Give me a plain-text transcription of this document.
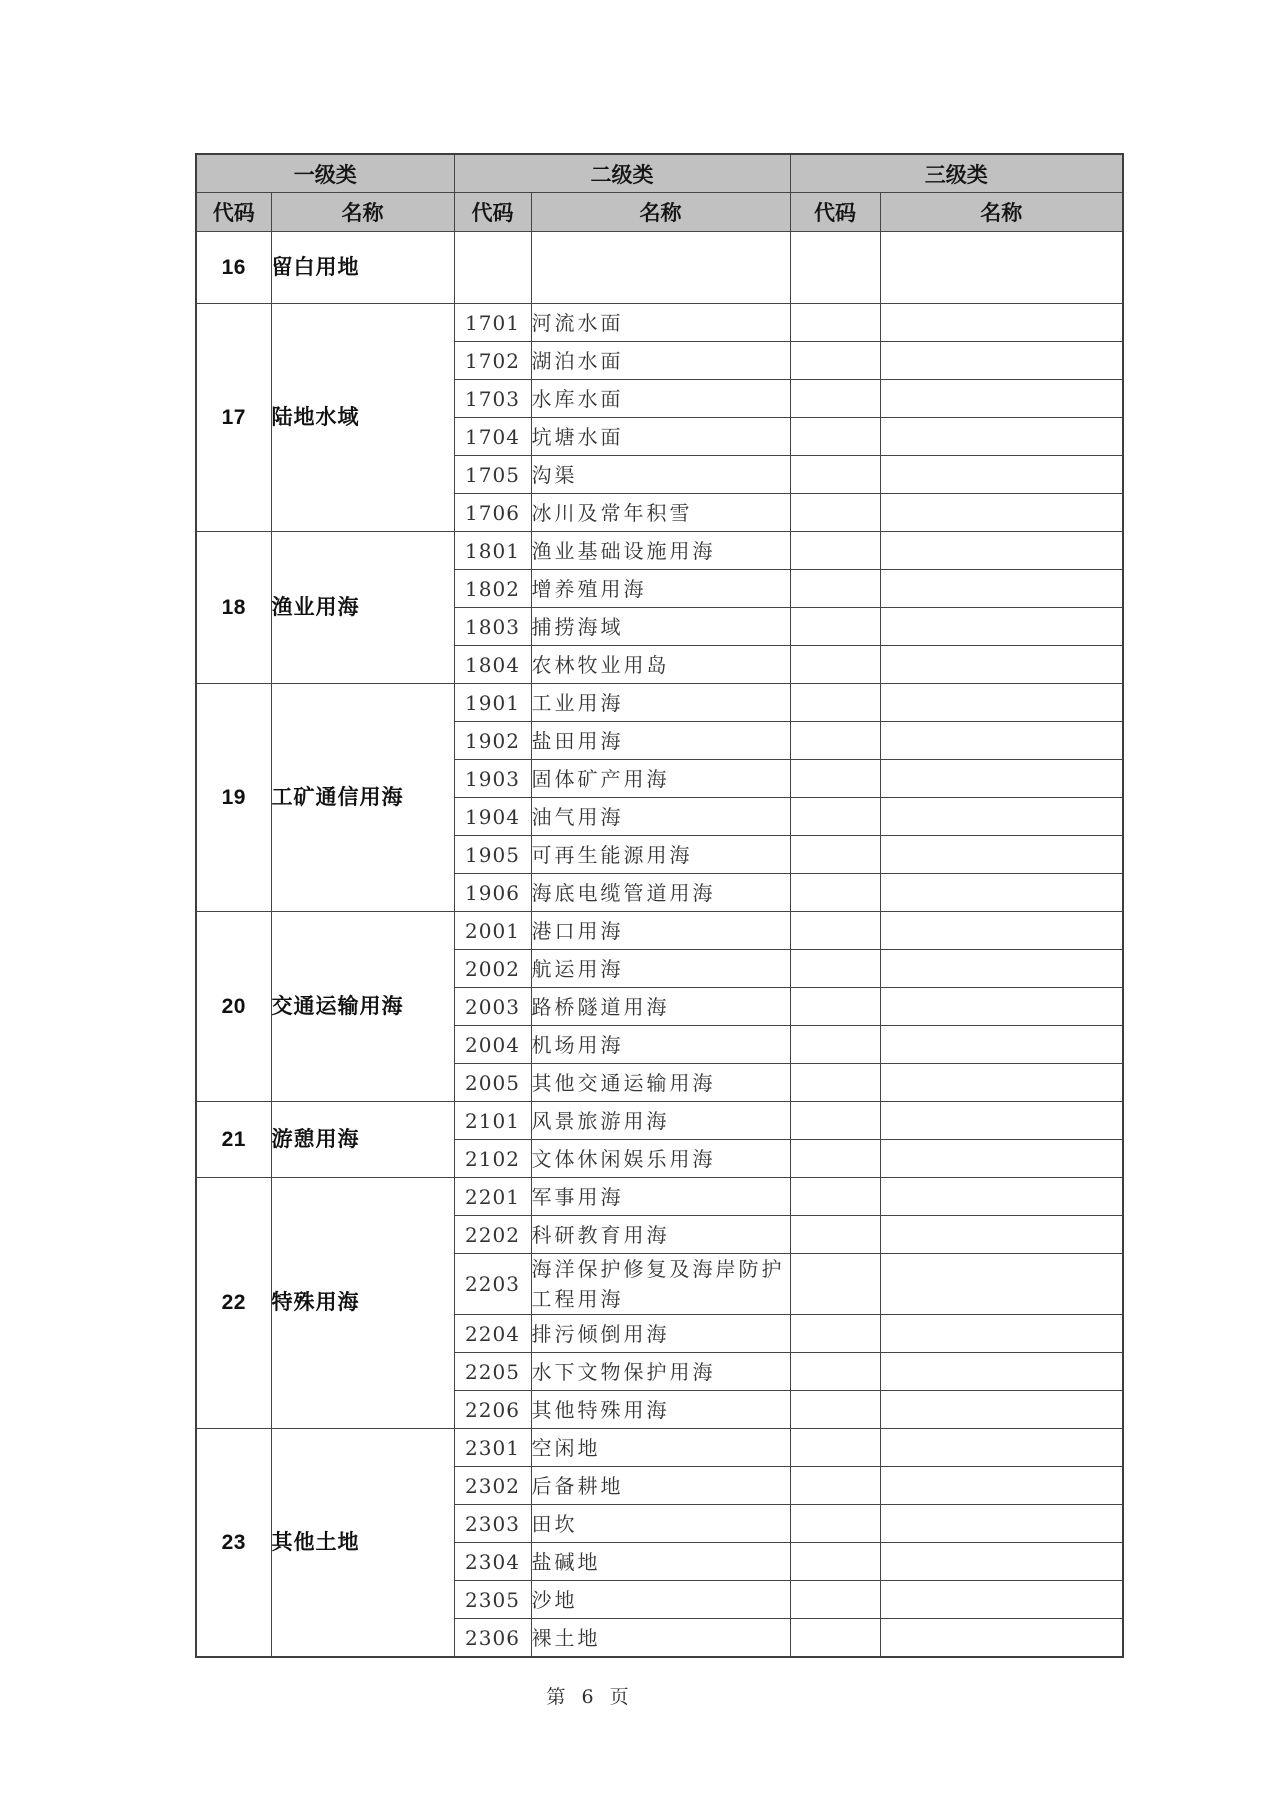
一级类		二级类		三级类	
代码	名称	代码	名称	代码	名称
16	留白用地				
17	陆地水域	1701	河流水面		
		1702	湖泊水面		
		1703	水库水面		
		1704	坑塘水面		
		1705	沟渠		
		1706	冰川及常年积雪		
18	渔业用海	1801	渔业基础设施用海		
		1802	增养殖用海		
		1803	捕捞海域		
		1804	农林牧业用岛		
19	工矿通信用海	1901	工业用海		
		1902	盐田用海		
		1903	固体矿产用海		
		1904	油气用海		
		1905	可再生能源用海		
		1906	海底电缆管道用海		
20	交通运输用海	2001	港口用海		
		2002	航运用海		
		2003	路桥隧道用海		
		2004	机场用海		
		2005	其他交通运输用海		
21	游憩用海	2101	风景旅游用海		
		2102	文体休闲娱乐用海		
22	特殊用海	2201	军事用海		
		2202	科研教育用海		
		2203	海洋保护修复及海岸防护工程用海		
		2204	排污倾倒用海		
		2205	水下文物保护用海		
		2206	其他特殊用海		
23	其他土地	2301	空闲地		
		2302	后备耕地		
		2303	田坎		
		2304	盐碱地		
		2305	沙地		
		2306	裸土地		
第 6 页
